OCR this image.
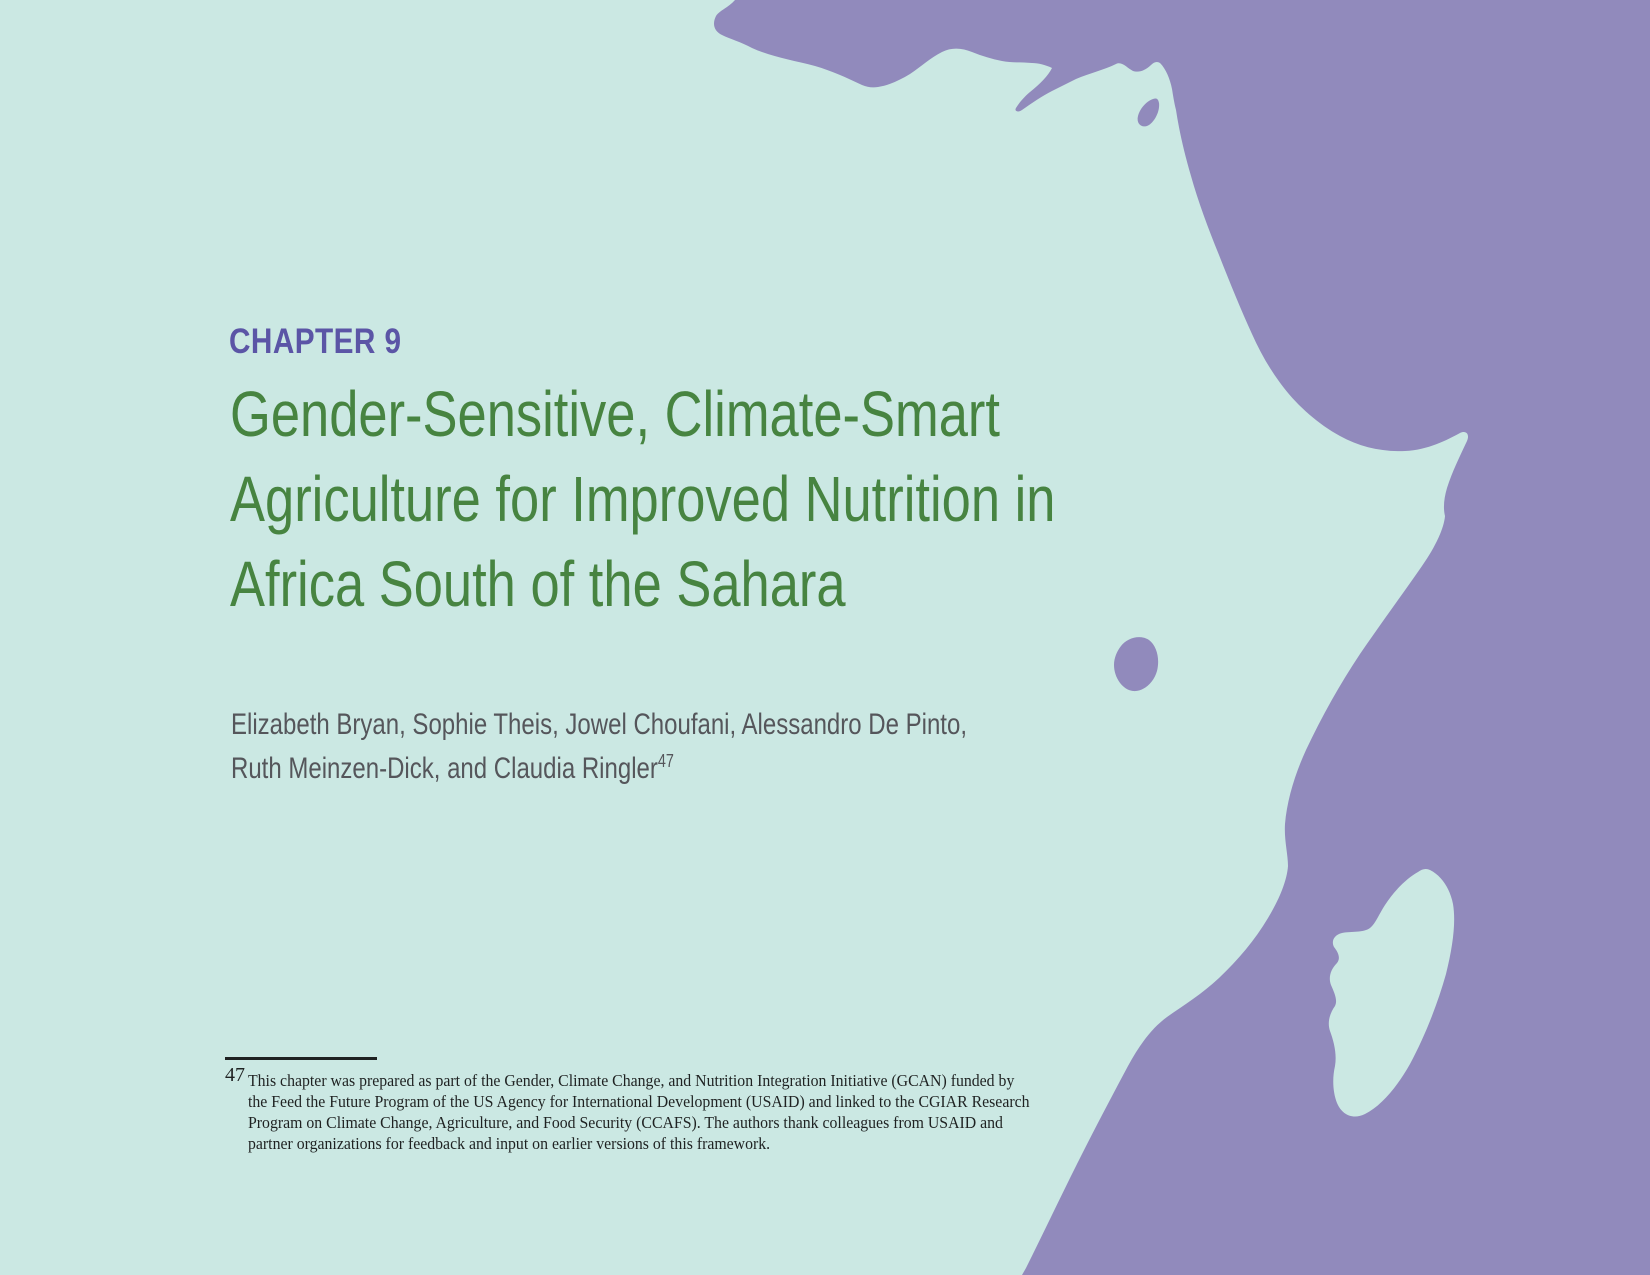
CHAPTER 9
Gender-Sensitive, Climate-Smart
Agriculture for Improved Nutrition in
Africa South of the Sahara
Elizabeth Bryan, Sophie Theis, Jowel Choufani, Alessandro De Pinto,
Ruth Meinzen-Dick, and Claudia Ringler$^{47}$
47 This chapter was prepared as part of the Gender, Climate Change, and Nutrition Integration Initiative (GCAN) funded by
the Feed the Future Program of the US Agency for International Development (USAID) and linked to the CGIAR Research
Program on Climate Change, Agriculture, and Food Security (CCAFS). The authors thank colleagues from USAID and
partner organizations for feedback and input on earlier versions of this framework.
